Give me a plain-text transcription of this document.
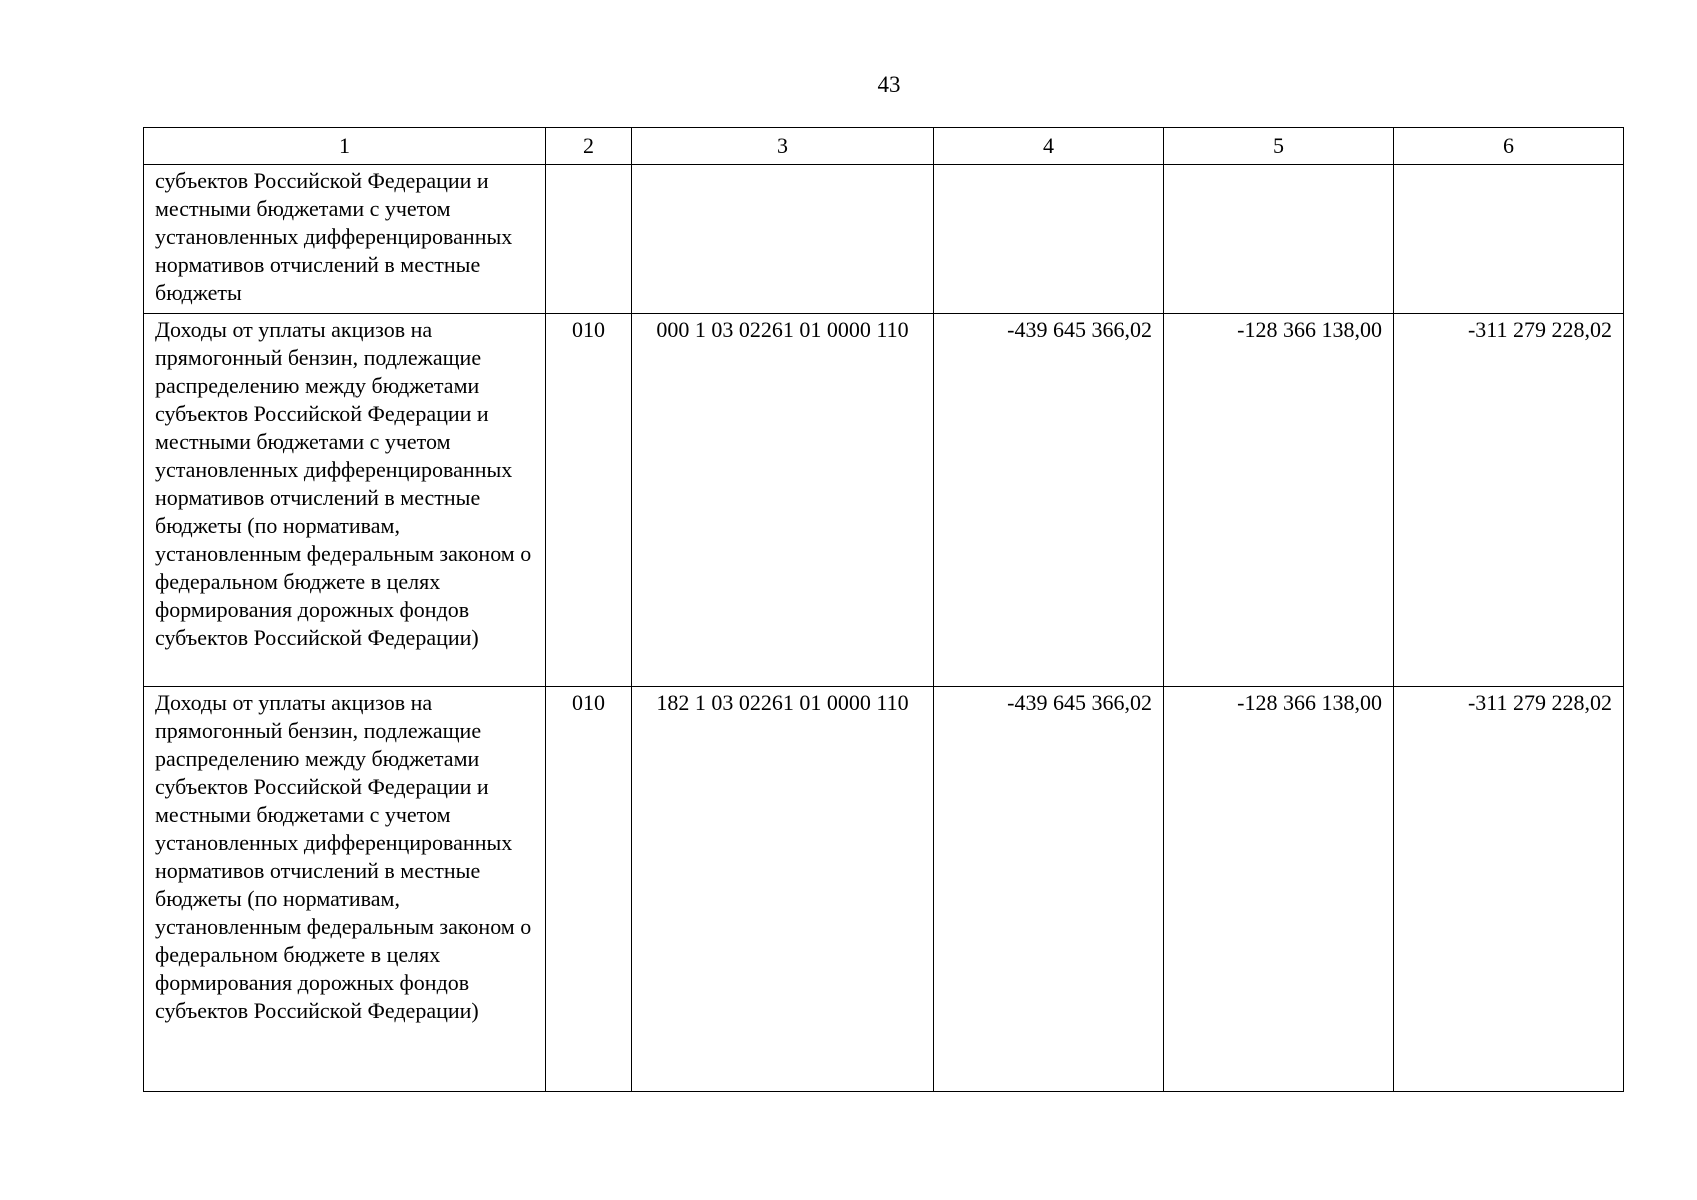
43
1	2	3	4	5	6

субъектов Российской Федерации и местными бюджетами с учетом установленных дифференцированных нормативов отчислений в местные бюджеты					

Доходы от уплаты акцизов на прямогонный бензин, подлежащие распределению между бюджетами субъектов Российской Федерации и местными бюджетами с учетом установленных дифференцированных нормативов отчислений в местные бюджеты (по нормативам, установленным федеральным законом о федеральном бюджете в целях формирования дорожных фондов субъектов Российской Федерации)	010	000 1 03 02261 01 0000 110	-439 645 366,02	-128 366 138,00	-311 279 228,02

Доходы от уплаты акцизов на прямогонный бензин, подлежащие распределению между бюджетами субъектов Российской Федерации и местными бюджетами с учетом установленных дифференцированных нормативов отчислений в местные бюджеты (по нормативам, установленным федеральным законом о федеральном бюджете в целях формирования дорожных фондов субъектов Российской Федерации)	010	182 1 03 02261 01 0000 110	-439 645 366,02	-128 366 138,00	-311 279 228,02
